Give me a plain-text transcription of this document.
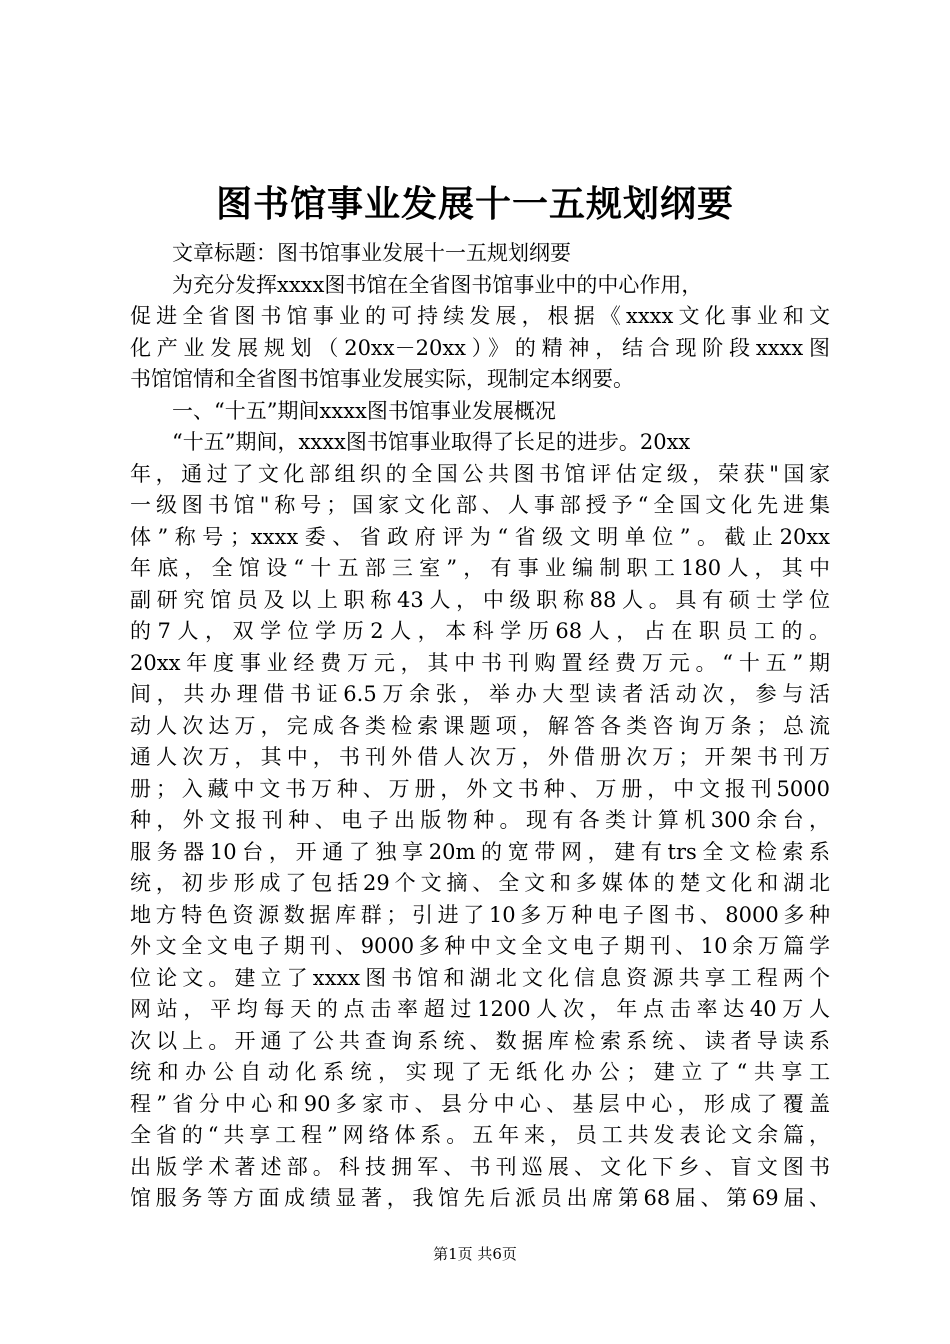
图书馆事业发展十一五规划纲要
文章标题：图书馆事业发展十一五规划纲要
为充分发挥xxxx图书馆在全省图书馆事业中的中心作用，
促进全省图书馆事业的可持续发展，根据《xxxx文化事业和文
化产业发展规划（20xx－20xx）》的精神，结合现阶段xxxx图
书馆馆情和全省图书馆事业发展实际，现制定本纲要。
一、“十五”期间xxxx图书馆事业发展概况
“十五”期间，xxxx图书馆事业取得了长足的进步。20xx
年，通过了文化部组织的全国公共图书馆评估定级，荣获"国家
一级图书馆"称号；国家文化部、人事部授予“全国文化先进集
体”称号；xxxx委、省政府评为“省级文明单位”。截止20xx
年底，全馆设“十五部三室”，有事业编制职工180人，其中
副研究馆员及以上职称43人，中级职称88人。具有硕士学位
的7人，双学位学历2人，本科学历68人，占在职员工的。
20xx年度事业经费万元，其中书刊购置经费万元。“十五”期
间，共办理借书证6.5万余张，举办大型读者活动次，参与活
动人次达万，完成各类检索课题项，解答各类咨询万条；总流
通人次万，其中，书刊外借人次万，外借册次万；开架书刊万
册；入藏中文书万种、万册，外文书种、万册，中文报刊5000
种，外文报刊种、电子出版物种。现有各类计算机300余台，
服务器10台，开通了独享20m的宽带网，建有trs全文检索系
统，初步形成了包括29个文摘、全文和多媒体的楚文化和湖北
地方特色资源数据库群；引进了10多万种电子图书、8000多种
外文全文电子期刊、9000多种中文全文电子期刊、10余万篇学
位论文。建立了xxxx图书馆和湖北文化信息资源共享工程两个
网站，平均每天的点击率超过1200人次，年点击率达40万人
次以上。开通了公共查询系统、数据库检索系统、读者导读系
统和办公自动化系统，实现了无纸化办公；建立了“共享工
程”省分中心和90多家市、县分中心、基层中心，形成了覆盖
全省的“共享工程”网络体系。五年来，员工共发表论文余篇，
出版学术著述部。科技拥军、书刊巡展、文化下乡、盲文图书
馆服务等方面成绩显著，我馆先后派员出席第68届、第69届、
第1页 共6页
